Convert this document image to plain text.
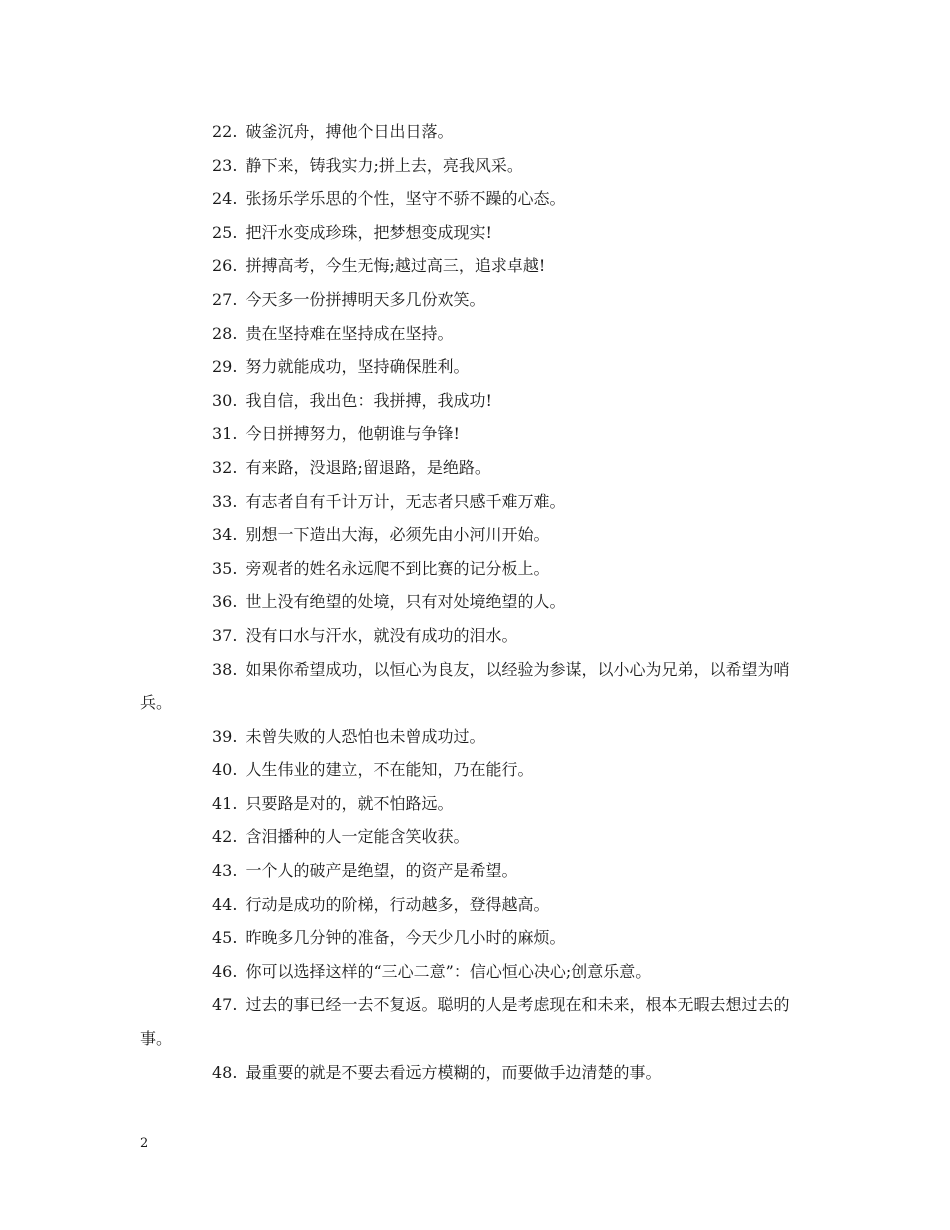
22. 破釜沉舟，搏他个日出日落。

23. 静下来，铸我实力;拼上去，亮我风采。

24. 张扬乐学乐思的个性，坚守不骄不躁的心态。

25. 把汗水变成珍珠，把梦想变成现实!

26. 拼搏高考，今生无悔;越过高三，追求卓越!

27. 今天多一份拼搏明天多几份欢笑。

28. 贵在坚持难在坚持成在坚持。

29. 努力就能成功，坚持确保胜利。

30. 我自信，我出色：我拼搏，我成功!

31. 今日拼搏努力，他朝谁与争锋!

32. 有来路，没退路;留退路，是绝路。

33. 有志者自有千计万计，无志者只感千难万难。

34. 别想一下造出大海，必须先由小河川开始。

35. 旁观者的姓名永远爬不到比赛的记分板上。

36. 世上没有绝望的处境，只有对处境绝望的人。

37. 没有口水与汗水，就没有成功的泪水。

38. 如果你希望成功，以恒心为良友，以经验为参谋，以小心为兄弟，以希望为哨兵。

39. 未曾失败的人恐怕也未曾成功过。

40. 人生伟业的建立，不在能知，乃在能行。

41. 只要路是对的，就不怕路远。

42. 含泪播种的人一定能含笑收获。

43. 一个人的破产是绝望，的资产是希望。

44. 行动是成功的阶梯，行动越多，登得越高。

45. 昨晚多几分钟的准备，今天少几小时的麻烦。

46. 你可以选择这样的“三心二意”：信心恒心决心;创意乐意。

47. 过去的事已经一去不复返。聪明的人是考虑现在和未来，根本无暇去想过去的事。

48. 最重要的就是不要去看远方模糊的，而要做手边清楚的事。

2
